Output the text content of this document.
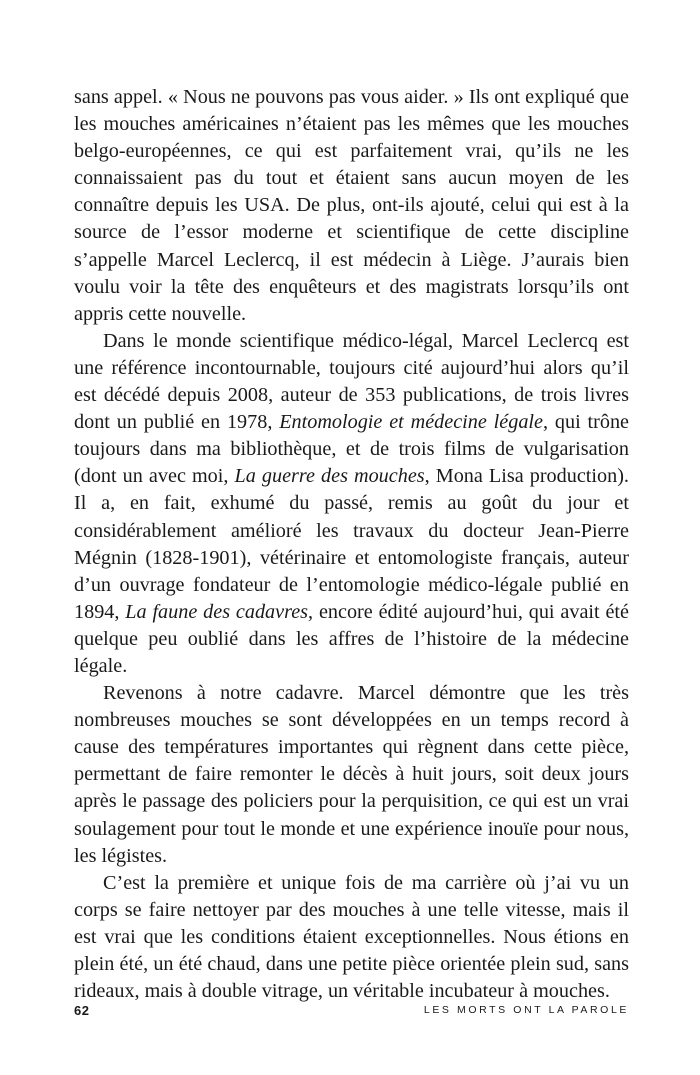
sans appel. « Nous ne pouvons pas vous aider. » Ils ont expliqué que les mouches américaines n’étaient pas les mêmes que les mouches belgo-européennes, ce qui est parfaitement vrai, qu’ils ne les connaissaient pas du tout et étaient sans aucun moyen de les connaître depuis les USA. De plus, ont-ils ajouté, celui qui est à la source de l’essor moderne et scientifique de cette discipline s’appelle Marcel Leclercq, il est médecin à Liège. J’aurais bien voulu voir la tête des enquêteurs et des magistrats lorsqu’ils ont appris cette nouvelle.

Dans le monde scientifique médico-légal, Marcel Leclercq est une référence incontournable, toujours cité aujourd’hui alors qu’il est décédé depuis 2008, auteur de 353 publications, de trois livres dont un publié en 1978, Entomologie et médecine légale, qui trône toujours dans ma bibliothèque, et de trois films de vulgarisation (dont un avec moi, La guerre des mouches, Mona Lisa production). Il a, en fait, exhumé du passé, remis au goût du jour et considérablement amélioré les travaux du docteur Jean-Pierre Mégnin (1828-1901), vétérinaire et entomologiste français, auteur d’un ouvrage fondateur de l’entomologie médico-légale publié en 1894, La faune des cadavres, encore édité aujourd’hui, qui avait été quelque peu oublié dans les affres de l’histoire de la médecine légale.

Revenons à notre cadavre. Marcel démontre que les très nombreuses mouches se sont développées en un temps record à cause des températures importantes qui règnent dans cette pièce, permettant de faire remonter le décès à huit jours, soit deux jours après le passage des policiers pour la perquisition, ce qui est un vrai soulagement pour tout le monde et une expérience inouïe pour nous, les légistes.

C’est la première et unique fois de ma carrière où j’ai vu un corps se faire nettoyer par des mouches à une telle vitesse, mais il est vrai que les conditions étaient exceptionnelles. Nous étions en plein été, un été chaud, dans une petite pièce orientée plein sud, sans rideaux, mais à double vitrage, un véritable incubateur à mouches.

62	LES MORTS ONT LA PAROLE
